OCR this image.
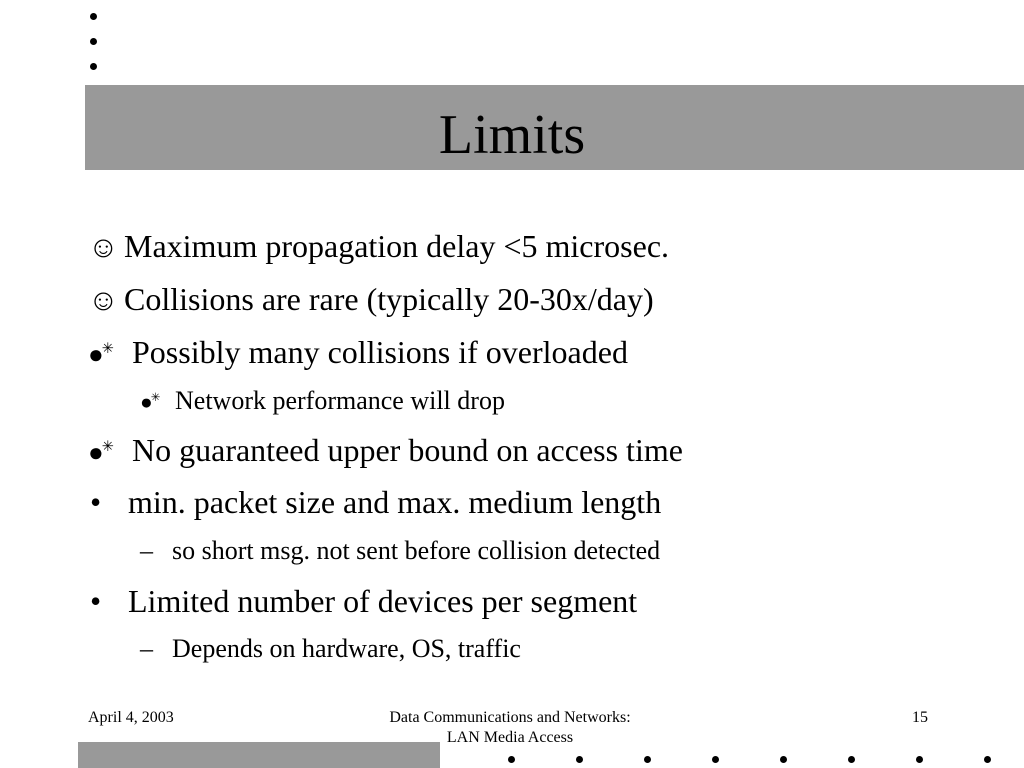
Limits
☺ Maximum propagation delay <5 microsec.
☺ Collisions are rare (typically 20-30x/day)
●✳ Possibly many collisions if overloaded
●✳ Network performance will drop
●✳ No guaranteed upper bound on access time
• min. packet size and max. medium length
– so short msg. not sent before collision detected
• Limited number of devices per segment
– Depends on hardware, OS, traffic
April 4, 2003	Data Communications and Networks:
LAN Media Access
15
